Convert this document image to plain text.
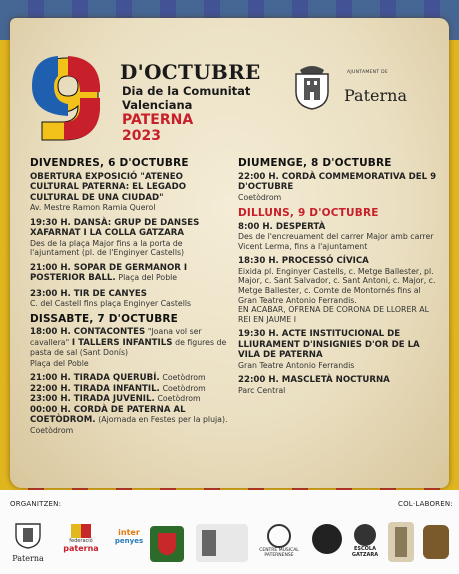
D'OCTUBRE
Dia de la Comunitat
Valenciana
PATERNA
2023
AJUNTAMENT DE
Paterna
DIVENDRES, 6 D'OCTUBRE
OBERTURA EXPOSICIÓ "ATENEO CULTURAL PATERNA: EL LEGADO CULTURAL DE UNA CIUDAD"
Av. Mestre Ramon Ramia Querol
19:30 H. DANSÀ: GRUP DE DANSES XAFARNAT I LA COLLA GATZARA
Des de la plaça Major fins a la porta de l'ajuntament (pl. de l'Enginyer Castells)
21:00 H. SOPAR DE GERMANOR I POSTERIOR BALL. Plaça del Poble
23:00 H. TIR DE CANYES
C. del Castell fins plaça Enginyer Castells
DISSABTE, 7 D'OCTUBRE
18:00 H. CONTACONTES "Joana vol ser cavallera" I TALLERS INFANTILS de figures de pasta de sal (Sant Donís)
Plaça del Poble
21:00 H. TIRADA QUERUBÍ. Coetòdrom
22:00 H. TIRADA INFANTIL. Coetòdrom
23:00 H. TIRADA JUVENIL. Coetòdrom
00:00 H. CORDÀ DE PATERNA AL COETÒDROM. (Ajornada en Festes per la pluja). Coetòdrom
DIUMENGE, 8 D'OCTUBRE
22:00 H. CORDÀ COMMEMORATIVA DEL 9 D'OCTUBRE
Coetòdrom
DILLUNS, 9 D'OCTUBRE
8:00 H. DESPERTÀ
Des de l'encreuament del carrer Major amb carrer Vicent Lerma, fins a l'ajuntament
18:30 H. PROCESSÓ CÍVICA
Eixida pl. Enginyer Castells, c. Metge Ballester, pl. Major, c. Sant Salvador, c. Sant Antoni, c. Major, c. Metge Ballester, c. Comte de Montornés fins al Gran Teatre Antonio Ferrandis.
EN ACABAR, OFRENA DE CORONA DE LLORER AL REI EN JAUME I
19:30 H. ACTE INSTITUCIONAL DE LLIURAMENT D'INSIGNIES D'OR DE LA VILA DE PATERNA
Gran Teatre Antonio Ferrandis
22:00 H. MASCLETÀ NOCTURNA
Parc Central
ORGANITZEN:	COL·LABOREN:
Paterna
federació
paterna
inter
penyes
CENTRE MUSICAL PATERNENSE
ESCOLA GATZARA
